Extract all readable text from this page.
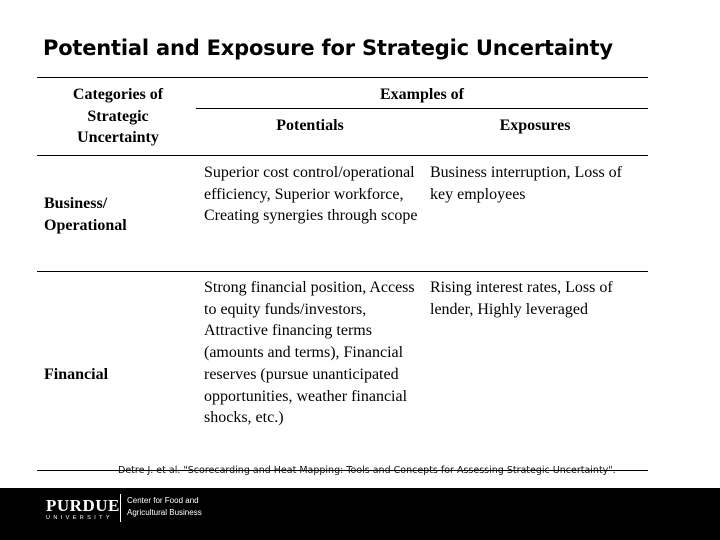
Potential and Exposure for Strategic Uncertainty
Categories of Strategic Uncertainty
Examples of
Potentials	Exposures
Business/ Operational
Superior cost control/operational efficiency, Superior workforce, Creating synergies through scope
Business interruption, Loss of key employees
Financial
Strong financial position, Access to equity funds/investors, Attractive financing terms (amounts and terms), Financial reserves (pursue unanticipated opportunities, weather financial shocks, etc.)
Rising interest rates, Loss of lender, Highly leveraged
Detre J. et al. "Scorecarding and Heat Mapping: Tools and Concepts for Assessing Strategic Uncertainty".
PURDUE
UNIVERSITY
Center for Food and
Agricultural Business
